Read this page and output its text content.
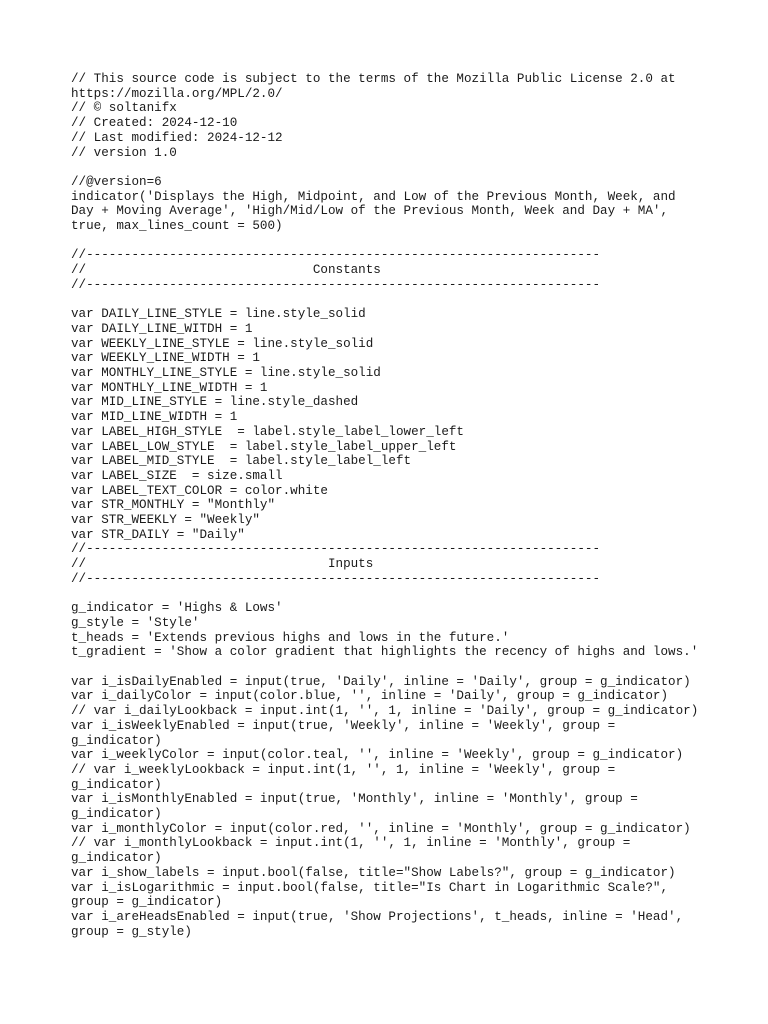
// This source code is subject to the terms of the Mozilla Public License 2.0 at
https://mozilla.org/MPL/2.0/
// © soltanifx
// Created: 2024-12-10
// Last modified: 2024-12-12
// version 1.0
//@version=6
indicator('Displays the High, Midpoint, and Low of the Previous Month, Week, and
Day + Moving Average', 'High/Mid/Low of the Previous Month, Week and Day + MA',
true, max_lines_count = 500)
//--------------------------------------------------------------------
//                              Constants
//--------------------------------------------------------------------
var DAILY_LINE_STYLE = line.style_solid
var DAILY_LINE_WITDH = 1
var WEEKLY_LINE_STYLE = line.style_solid
var WEEKLY_LINE_WIDTH = 1
var MONTHLY_LINE_STYLE = line.style_solid
var MONTHLY_LINE_WIDTH = 1
var MID_LINE_STYLE = line.style_dashed
var MID_LINE_WIDTH = 1
var LABEL_HIGH_STYLE  = label.style_label_lower_left
var LABEL_LOW_STYLE  = label.style_label_upper_left
var LABEL_MID_STYLE  = label.style_label_left
var LABEL_SIZE  = size.small
var LABEL_TEXT_COLOR = color.white
var STR_MONTHLY = "Monthly"
var STR_WEEKLY = "Weekly"
var STR_DAILY = "Daily"
//--------------------------------------------------------------------
//                                Inputs
//--------------------------------------------------------------------
g_indicator = 'Highs & Lows'
g_style = 'Style'
t_heads = 'Extends previous highs and lows in the future.'
t_gradient = 'Show a color gradient that highlights the recency of highs and lows.'
var i_isDailyEnabled = input(true, 'Daily', inline = 'Daily', group = g_indicator)
var i_dailyColor = input(color.blue, '', inline = 'Daily', group = g_indicator)
// var i_dailyLookback = input.int(1, '', 1, inline = 'Daily', group = g_indicator)
var i_isWeeklyEnabled = input(true, 'Weekly', inline = 'Weekly', group =
g_indicator)
var i_weeklyColor = input(color.teal, '', inline = 'Weekly', group = g_indicator)
// var i_weeklyLookback = input.int(1, '', 1, inline = 'Weekly', group =
g_indicator)
var i_isMonthlyEnabled = input(true, 'Monthly', inline = 'Monthly', group =
g_indicator)
var i_monthlyColor = input(color.red, '', inline = 'Monthly', group = g_indicator)
// var i_monthlyLookback = input.int(1, '', 1, inline = 'Monthly', group =
g_indicator)
var i_show_labels = input.bool(false, title="Show Labels?", group = g_indicator)
var i_isLogarithmic = input.bool(false, title="Is Chart in Logarithmic Scale?",
group = g_indicator)
var i_areHeadsEnabled = input(true, 'Show Projections', t_heads, inline = 'Head',
group = g_style)
